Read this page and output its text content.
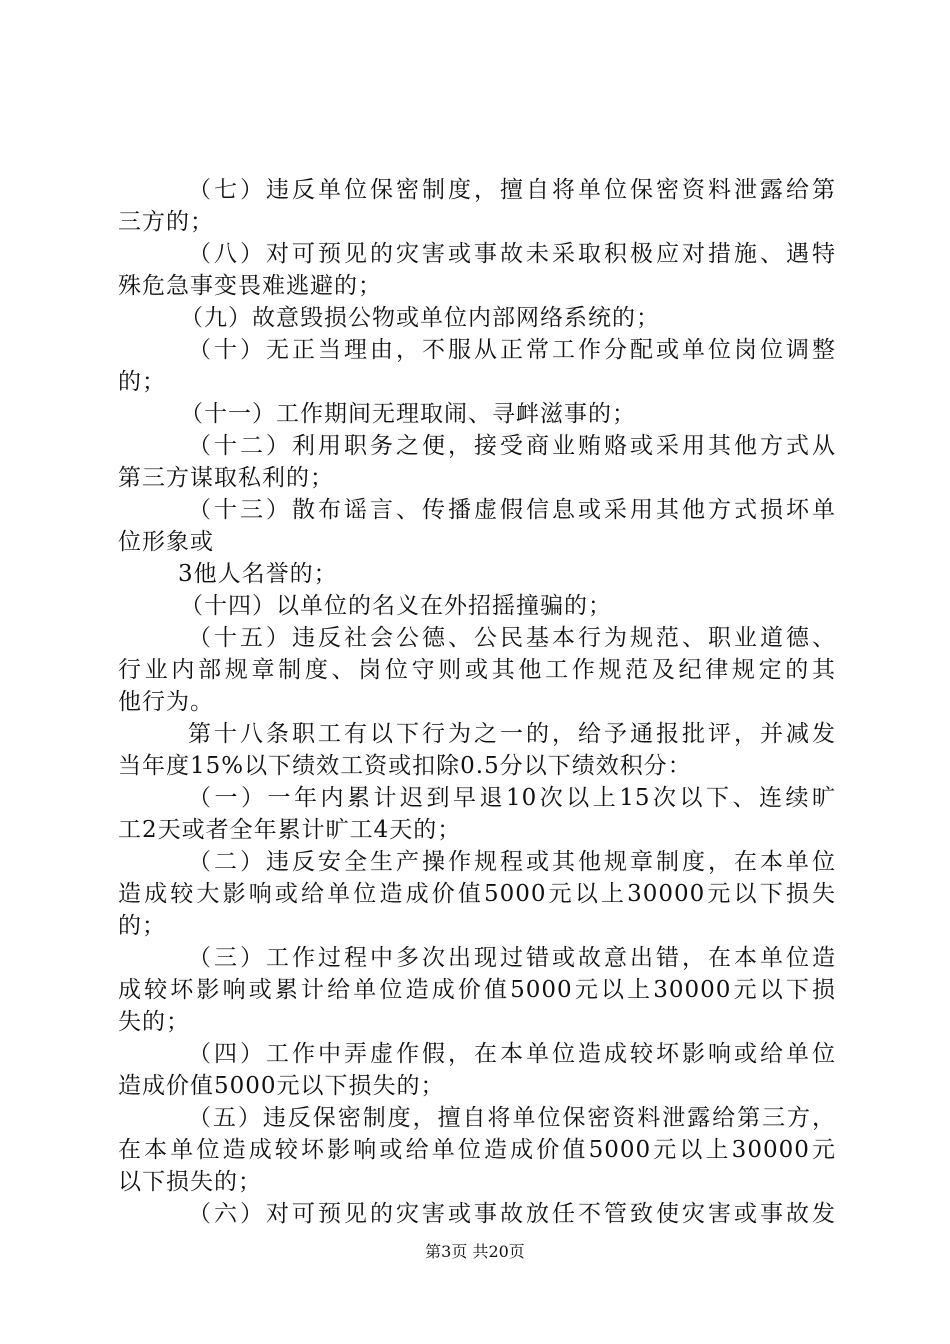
（七）违反单位保密制度，擅自将单位保密资料泄露给第
三方的；
（八）对可预见的灾害或事故未采取积极应对措施、遇特
殊危急事变畏难逃避的；
（九）故意毁损公物或单位内部网络系统的；
（十）无正当理由，不服从正常工作分配或单位岗位调整
的；
（十一）工作期间无理取闹、寻衅滋事的；
（十二）利用职务之便，接受商业贿赂或采用其他方式从
第三方谋取私利的；
（十三）散布谣言、传播虚假信息或采用其他方式损坏单
位形象或
3他人名誉的；
（十四）以单位的名义在外招摇撞骗的；
（十五）违反社会公德、公民基本行为规范、职业道德、
行业内部规章制度、岗位守则或其他工作规范及纪律规定的其
他行为。
第十八条职工有以下行为之一的，给予通报批评，并减发
当年度15%以下绩效工资或扣除0.5分以下绩效积分：
（一）一年内累计迟到早退10次以上15次以下、连续旷
工2天或者全年累计旷工4天的；
（二）违反安全生产操作规程或其他规章制度，在本单位
造成较大影响或给单位造成价值5000元以上30000元以下损失
的；
（三）工作过程中多次出现过错或故意出错，在本单位造
成较坏影响或累计给单位造成价值5000元以上30000元以下损
失的；
（四）工作中弄虚作假，在本单位造成较坏影响或给单位
造成价值5000元以下损失的；
（五）违反保密制度，擅自将单位保密资料泄露给第三方，
在本单位造成较坏影响或给单位造成价值5000元以上30000元
以下损失的；
（六）对可预见的灾害或事故放任不管致使灾害或事故发
第3页 共20页
